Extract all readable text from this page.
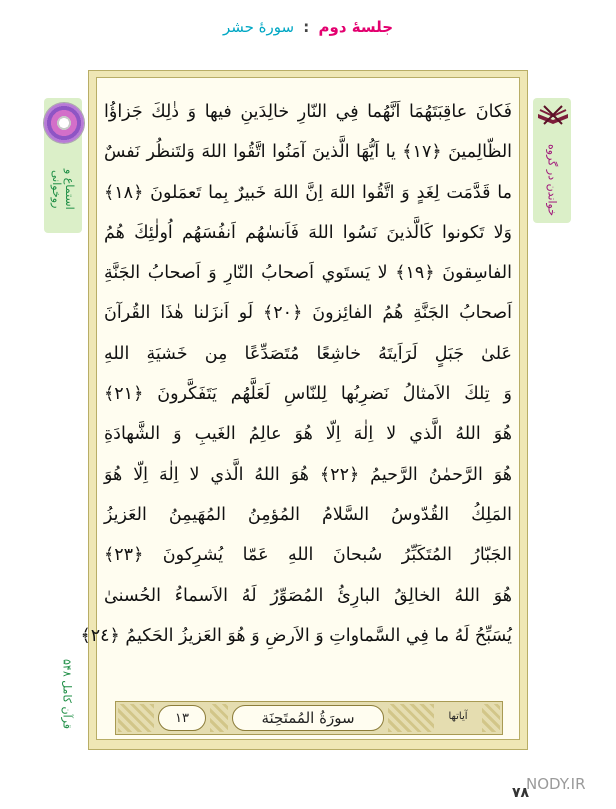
جلسهٔ دوم : سورهٔ حشر
استماع و روخوانی	خواندن در گروه
فَكانَ عاقِبَتَهُمَا اَنَّهُما فِي النّارِ خالِدَينِ فيها وَ ذٰلِكَ جَزاؤُا
الظّالِمينَ ﴿١٧﴾ يا اَيُّهَا الَّذينَ آمَنُوا اتَّقُوا اللهَ وَلتَنظُر نَفسٌ
ما قَدَّمَت لِغَدٍ وَ اتَّقُوا اللهَ اِنَّ اللهَ خَبيرٌ بِما تَعمَلونَ ﴿١٨﴾
وَلا تَكونوا كَالَّذينَ نَسُوا اللهَ فَاَنسٰهُم اَنفُسَهُم اُولٰئِكَ هُمُ
الفاسِقونَ ﴿١٩﴾ لا يَستَوي اَصحابُ النّارِ وَ اَصحابُ الجَنَّةِ
اَصحابُ الجَنَّةِ هُمُ الفائِزونَ ﴿٢٠﴾ لَو اَنزَلنا هٰذَا القُرآنَ
عَلىٰ جَبَلٍ لَرَاَيتَهُ خاشِعًا مُتَصَدِّعًا مِن خَشيَةِ اللهِ
وَ تِلكَ الاَمثالُ نَضرِبُها لِلنّاسِ لَعَلَّهُم يَتَفَكَّرونَ ﴿٢١﴾
هُوَ اللهُ الَّذي لا اِلٰهَ اِلّا هُوَ عالِمُ الغَيبِ وَ الشَّهادَةِ
هُوَ الرَّحمٰنُ الرَّحيمُ ﴿٢٢﴾ هُوَ اللهُ الَّذي لا اِلٰهَ اِلّا هُوَ
المَلِكُ القُدّوسُ السَّلامُ المُؤمِنُ المُهَيمِنُ العَزيزُ
الجَبّارُ المُتَكَبِّرُ سُبحانَ اللهِ عَمّا يُشرِكونَ ﴿٢٣﴾
هُوَ اللهُ الخالِقُ البارِئُ المُصَوِّرُ لَهُ الاَسماءُ الحُسنىٰ
يُسَبِّحُ لَهُ ما فِي السَّماواتِ وَ الاَرضِ وَ هُوَ العَزيزُ الحَكيمُ ﴿٢٤﴾
١٣	سورَةُ المُمتَحِنَة	آیاتها
قرآن کامل ۵۴۸
۷۸
NODY.IR
